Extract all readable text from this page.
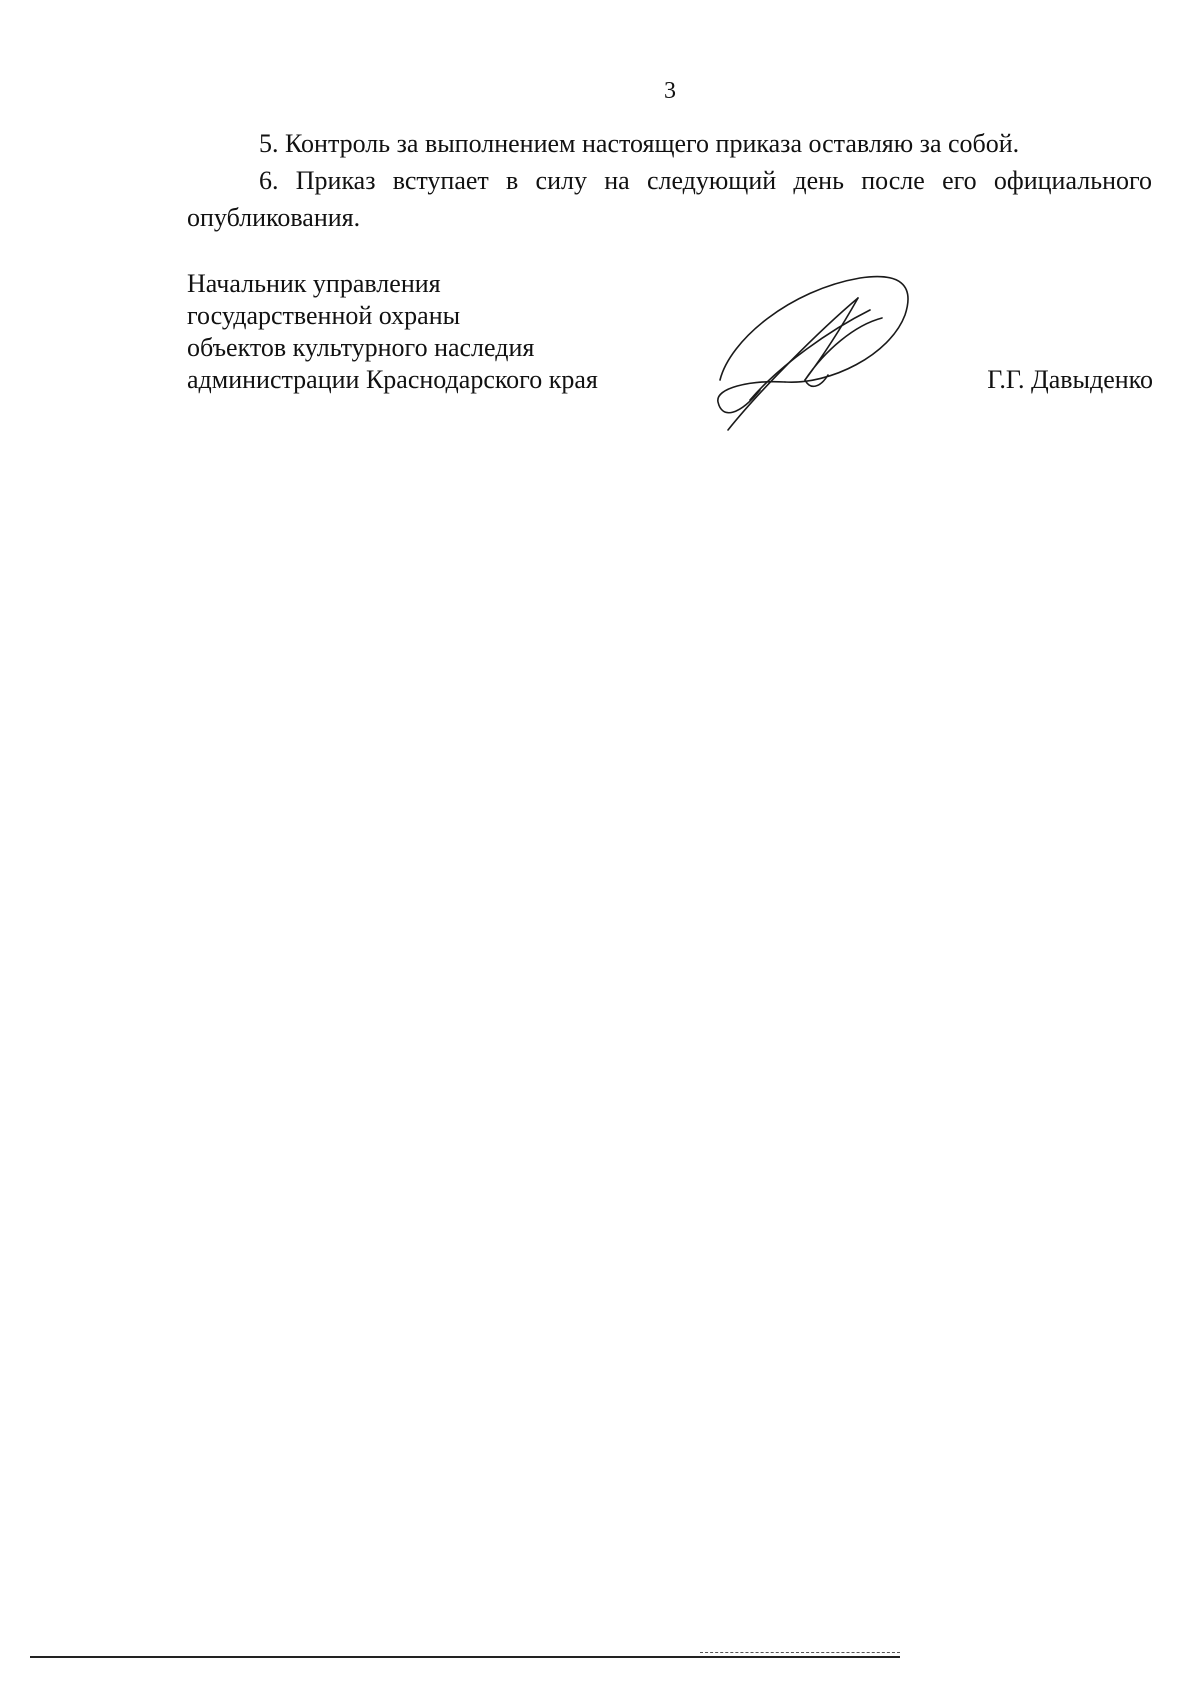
3

5. Контроль за выполнением настоящего приказа оставляю за собой.

6. Приказ вступает в силу на следующий день после его официального опубликования.

Начальник управления
государственной охраны
объектов культурного наследия
администрации Краснодарского края	Г.Г. Давыденко
